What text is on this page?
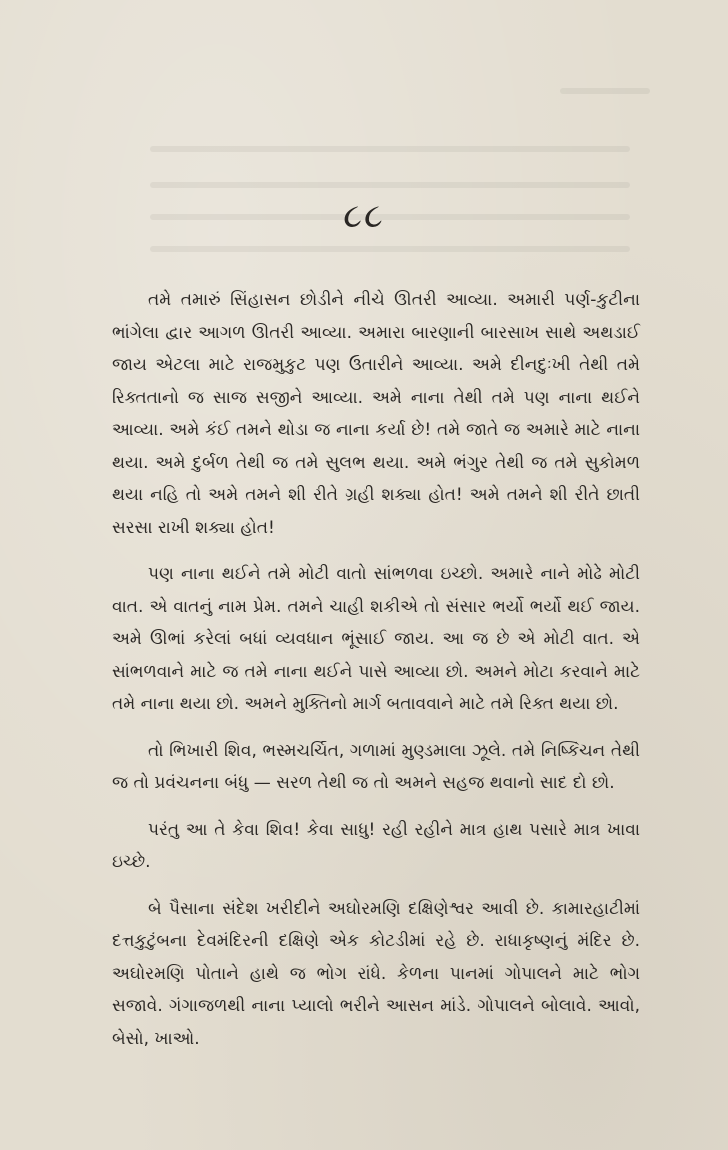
૮૮

તમે તમારું સિંહાસન છોડીને નીચે ઊતરી આવ્યા. અમારી પર્ણ-કુટીના ભાંગેલા દ્વાર આગળ ઊતરી આવ્યા. અમારા બારણાની બારસાખ સાથે અથડાઈ જાય એટલા માટે રાજમુકુટ પણ ઉતારીને આવ્યા. અમે દીનદુઃખી તેથી તમે રિક્તતાનો જ સાજ સજીને આવ્યા. અમે નાના તેથી તમે પણ નાના થઈને આવ્યા. અમે કંઈ તમને થોડા જ નાના કર્યા છે! તમે જાતે જ અમારે માટે નાના થયા. અમે દુર્બળ તેથી જ તમે સુલભ થયા. અમે ભંગુર તેથી જ તમે સુકોમળ થયા નહિ તો અમે તમને શી રીતે ગ્રહી શક્યા હોત! અમે તમને શી રીતે છાતી સરસા રાખી શક્યા હોત!

પણ નાના થઈને તમે મોટી વાતો સાંભળવા ઇચ્છો. અમારે નાને મોઢે મોટી વાત. એ વાતનું નામ પ્રેમ. તમને ચાહી શકીએ તો સંસાર ભર્યો ભર્યો થઈ જાય. અમે ઊભાં કરેલાં બધાં વ્યવધાન ભૂંસાઈ જાય. આ જ છે એ મોટી વાત. એ સાંભળવાને માટે જ તમે નાના થઈને પાસે આવ્યા છો. અમને મોટા કરવાને માટે તમે નાના થયા છો. અમને મુક્તિનો માર્ગ બતાવવાને માટે તમે રિક્ત થયા છો.

તો ભિખારી શિવ, ભસ્મચર્ચિત, ગળામાં મુણ્ડમાલા ઝૂલે. તમે નિષ્કિંચન તેથી જ તો પ્રવંચનના બંધુ — સરળ તેથી જ તો અમને સહજ થવાનો સાદ દો છો.

પરંતુ આ તે કેવા શિવ! કેવા સાધુ! રહી રહીને માત્ર હાથ પસારે માત્ર ખાવા ઇચ્છે.

બે પૈસાના સંદેશ ખરીદીને અઘોરમણિ દક્ષિણેશ્વર આવી છે. કામારહાટીમાં દત્તકુટુંબના દેવમંદિરની દક્ષિણે એક કોટડીમાં રહે છે. રાધાકૃષ્ણનું મંદિર છે. અઘોરમણિ પોતાને હાથે જ ભોગ રાંધે. કેળના પાનમાં ગોપાલને માટે ભોગ સજાવે. ગંગાજળથી નાના પ્યાલો ભરીને આસન માંડે. ગોપાલને બોલાવે. આવો, બેસો, ખાઓ.
